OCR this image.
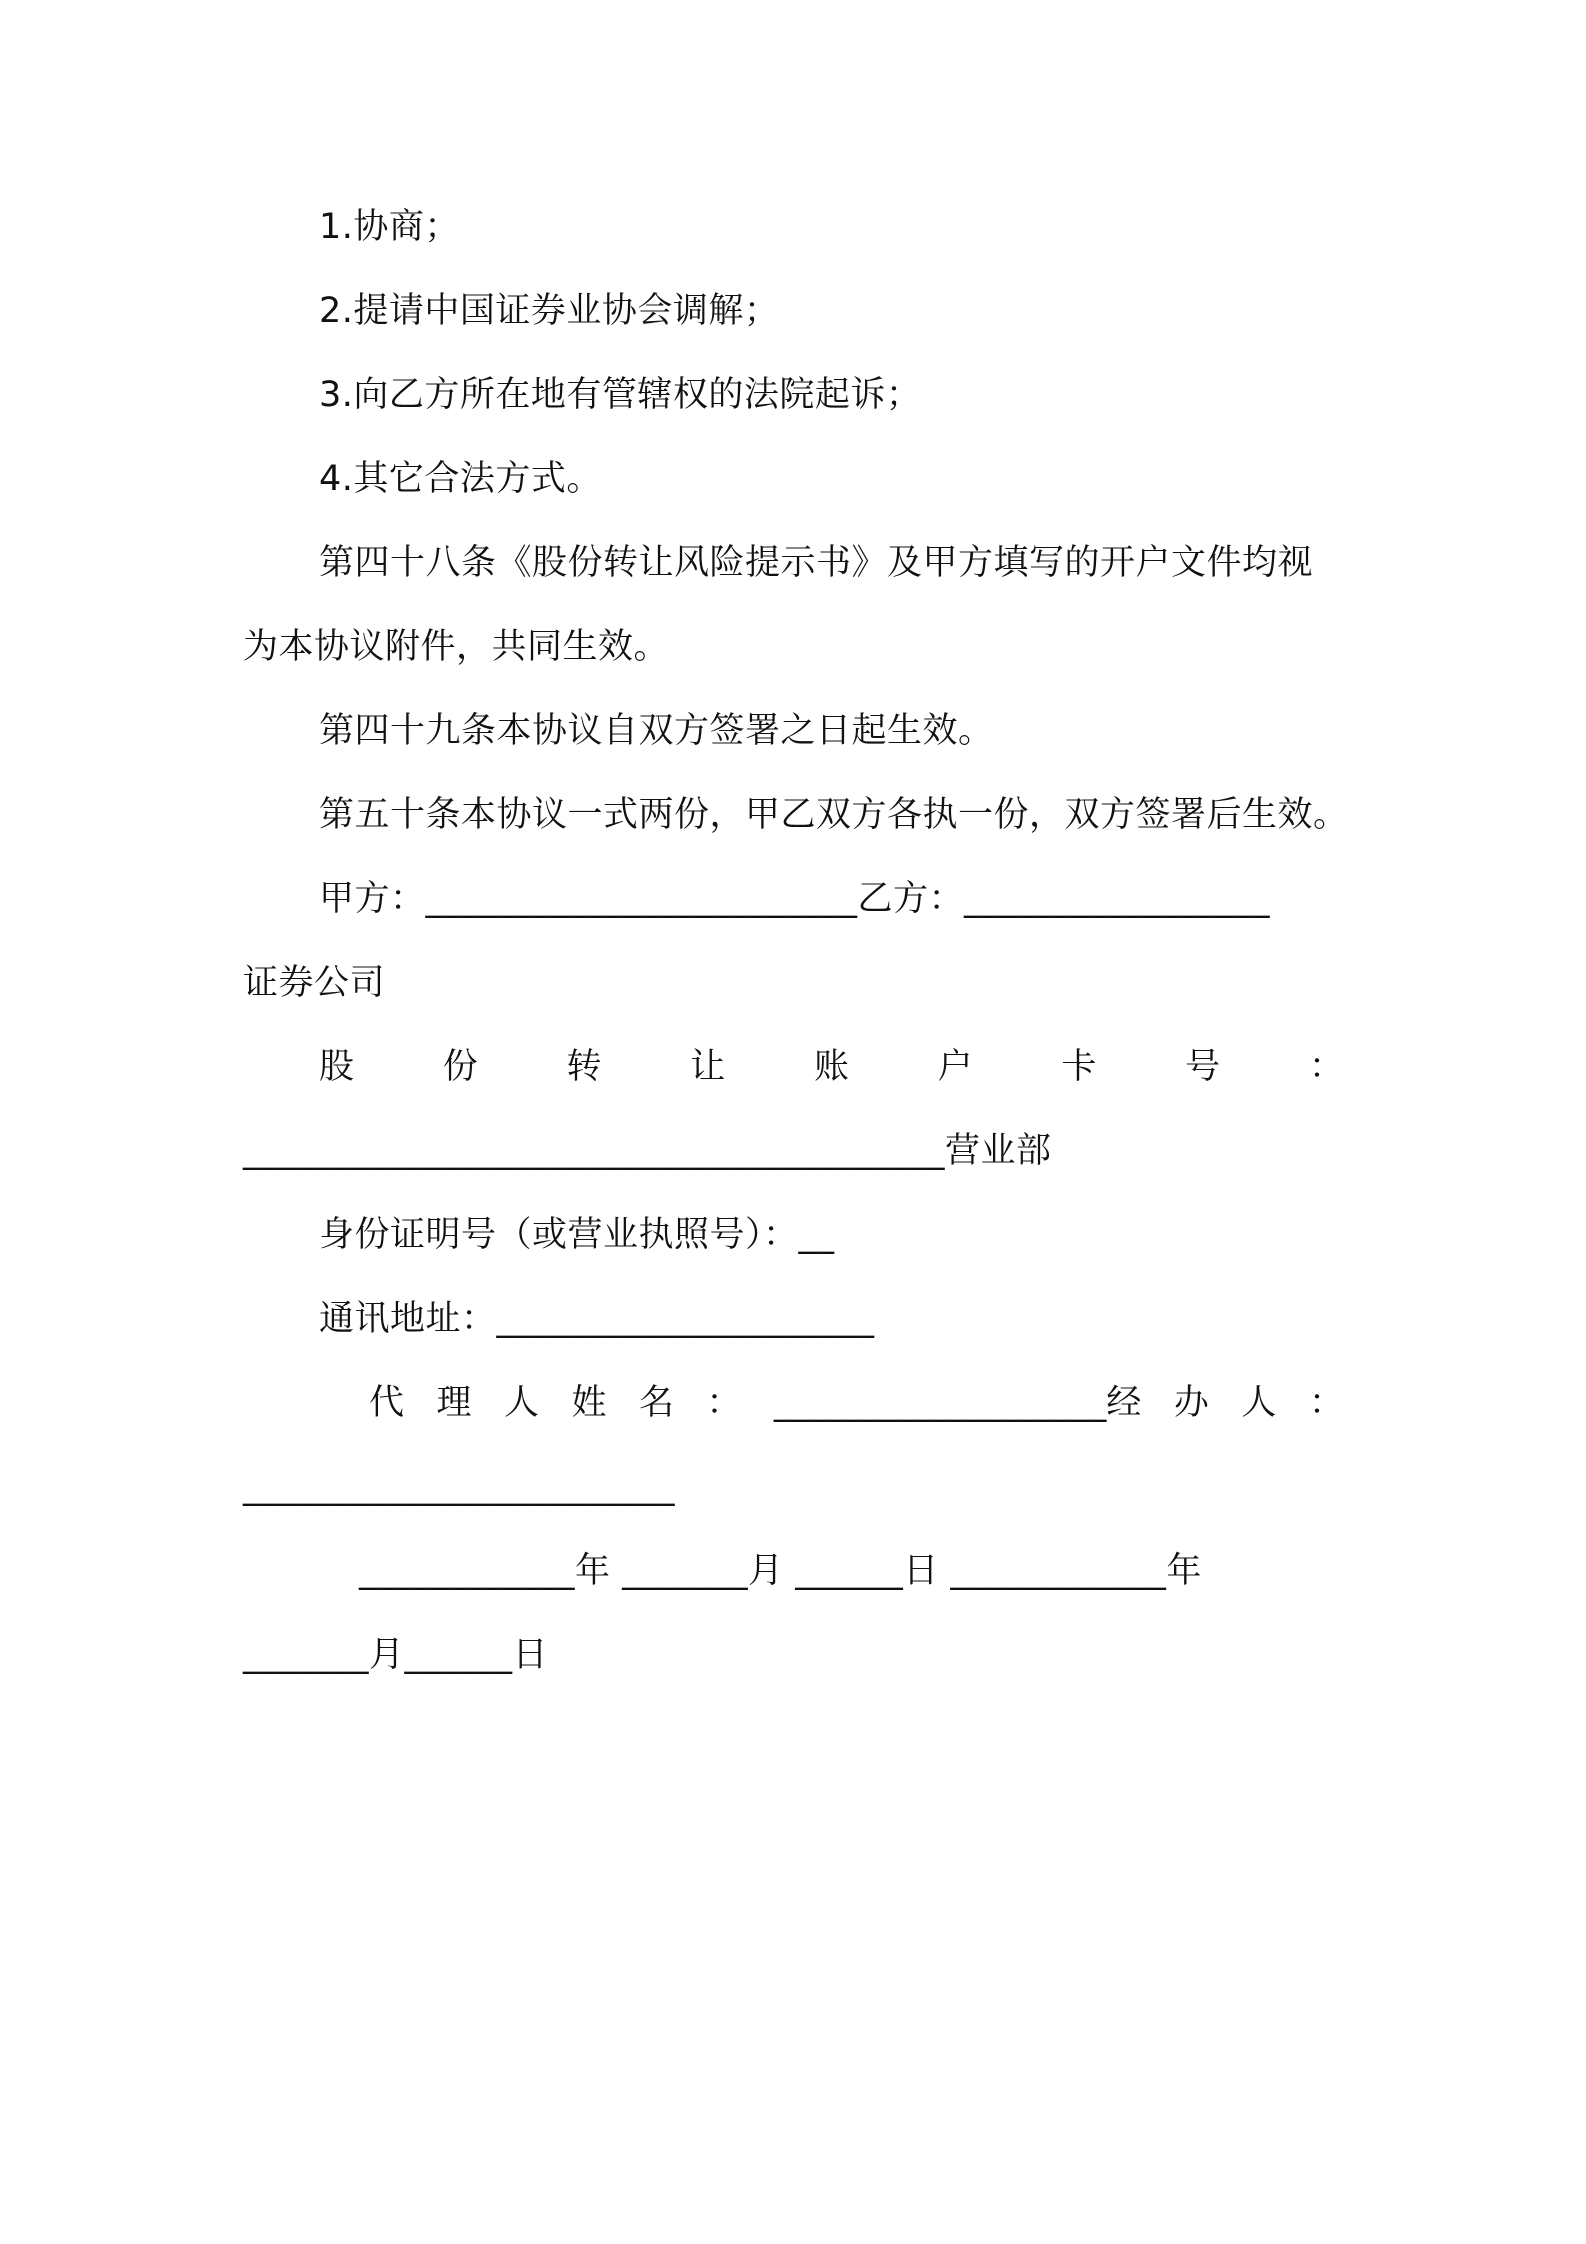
1.协商；
2.提请中国证券业协会调解；
3.向乙方所在地有管辖权的法院起诉；
4.其它合法方式。
第四十八条《股份转让风险提示书》及甲方填写的开户文件均视
为本协议附件，共同生效。
第四十九条本协议自双方签署之日起生效。
第五十条本协议一式两份，甲乙双方各执一份，双方签署后生效。
甲方：________________________乙方：_________________
证券公司
股	份	转	让	账	户	卡	号	：
_______________________________________营业部
身份证明号（或营业执照号）：__
通讯地址：_____________________
代 理 人 姓 名 ： ___________________经 办 人 ：
________________________
____________年 _______月 ______日 ____________年
_______月______日
